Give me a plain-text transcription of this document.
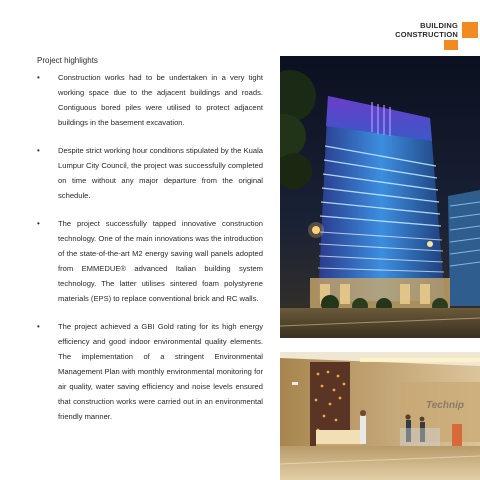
BUILDING
CONSTRUCTION
Project highlights
• Construction works had to be undertaken in a very tight working space due to the adjacent buildings and roads. Contiguous bored piles were utilised to protect adjacent buildings in the basement excavation.
• Despite strict working hour conditions stipulated by the Kuala Lumpur City Council, the project was successfully completed on time without any major departure from the original schedule.
• The project successfully tapped innovative construction technology. One of the main innovations was the introduction of the state-of-the-art M2 energy saving wall panels adopted from EMMEDUE® advanced Italian building system technology. The latter utilises sintered foam polystyrene materials (EPS) to replace conventional brick and RC walls.
• The project achieved a GBI Gold rating for its high energy efficiency and good indoor environmental quality elements. The implementation of a stringent Environmental Management Plan with monthly environmental monitoring for air quality, water saving efficiency and noise levels ensured that construction works were carried out in an environmental friendly manner.
Technip
